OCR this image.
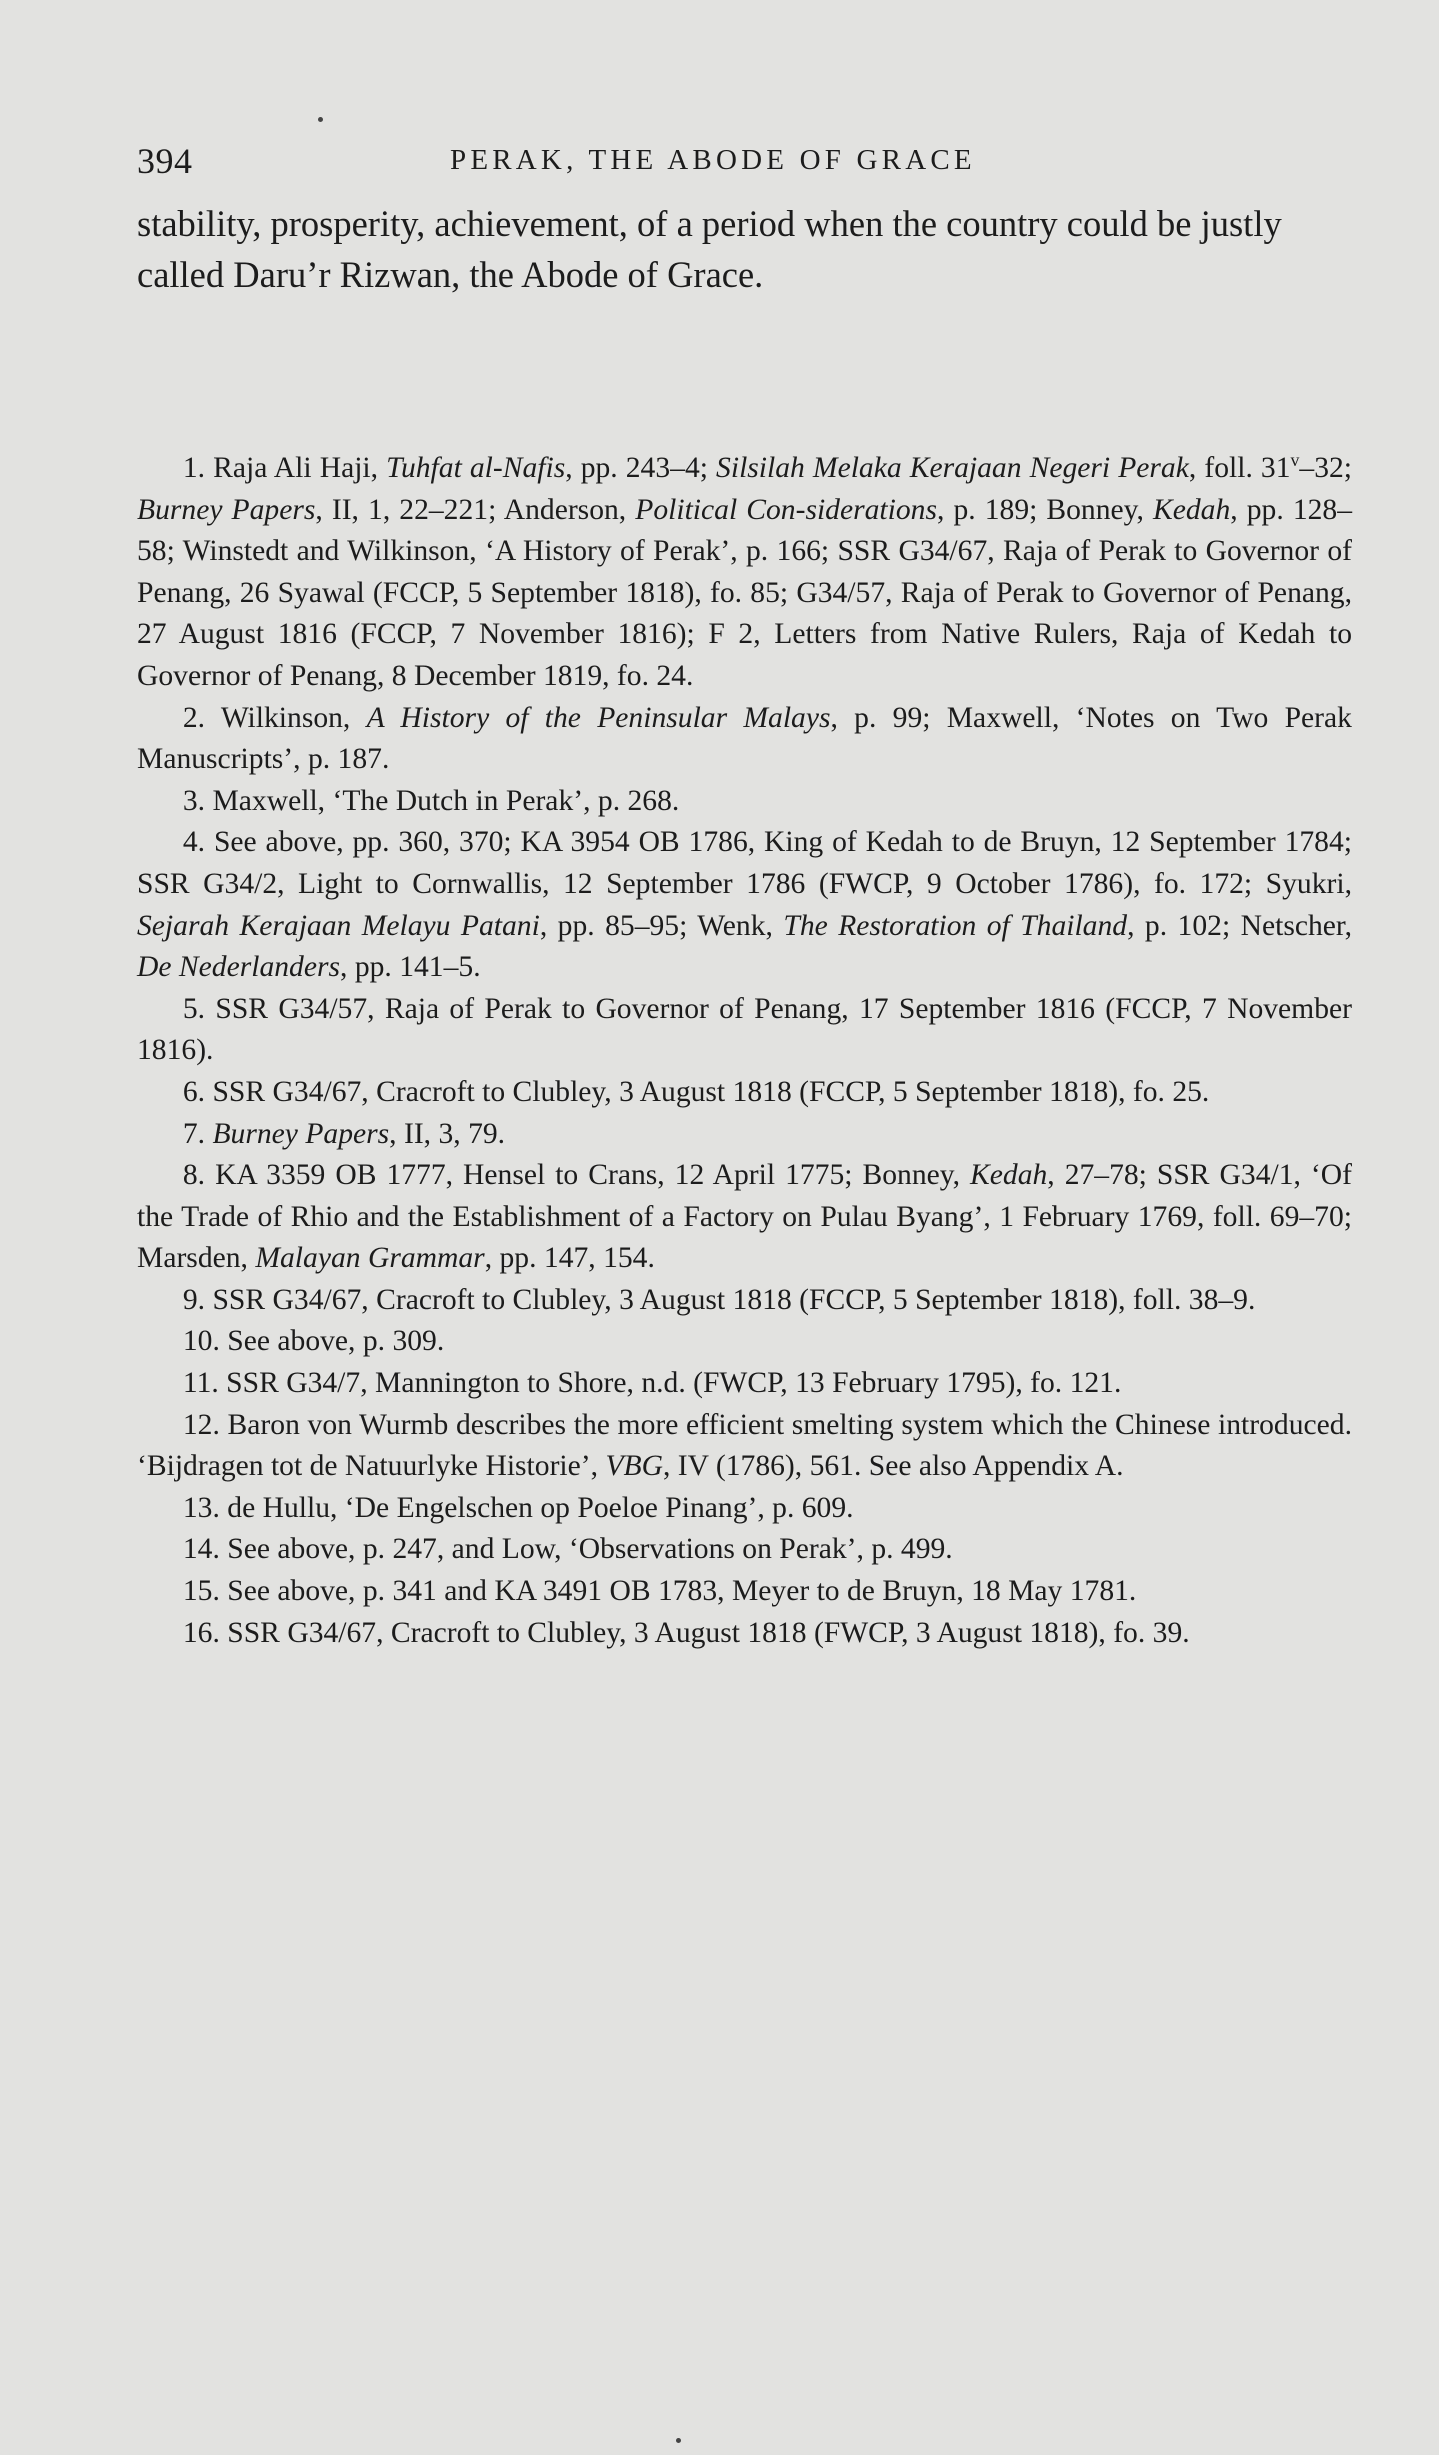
394	PERAK, THE ABODE OF GRACE

stability, prosperity, achievement, of a period when the country could be justly called Daru’r Rizwan, the Abode of Grace.

1. Raja Ali Haji, Tuhfat al-Nafis, pp. 243–4; Silsilah Melaka Kerajaan Negeri Perak, foll. 31$^v$–32; Burney Papers, II, 1, 22–221; Anderson, Political Con-siderations, p. 189; Bonney, Kedah, pp. 128–58; Winstedt and Wilkinson, ‘A History of Perak’, p. 166; SSR G34/67, Raja of Perak to Governor of Penang, 26 Syawal (FCCP, 5 September 1818), fo. 85; G34/57, Raja of Perak to Governor of Penang, 27 August 1816 (FCCP, 7 November 1816); F 2, Letters from Native Rulers, Raja of Kedah to Governor of Penang, 8 December 1819, fo. 24.
2. Wilkinson, A History of the Peninsular Malays, p. 99; Maxwell, ‘Notes on Two Perak Manuscripts’, p. 187.
3. Maxwell, ‘The Dutch in Perak’, p. 268.
4. See above, pp. 360, 370; KA 3954 OB 1786, King of Kedah to de Bruyn, 12 September 1784; SSR G34/2, Light to Cornwallis, 12 September 1786 (FWCP, 9 October 1786), fo. 172; Syukri, Sejarah Kerajaan Melayu Patani, pp. 85–95; Wenk, The Restoration of Thailand, p. 102; Netscher, De Nederlanders, pp. 141–5.
5. SSR G34/57, Raja of Perak to Governor of Penang, 17 September 1816 (FCCP, 7 November 1816).
6. SSR G34/67, Cracroft to Clubley, 3 August 1818 (FCCP, 5 September 1818), fo. 25.
7. Burney Papers, II, 3, 79.
8. KA 3359 OB 1777, Hensel to Crans, 12 April 1775; Bonney, Kedah, 27–78; SSR G34/1, ‘Of the Trade of Rhio and the Establishment of a Factory on Pulau Byang’, 1 February 1769, foll. 69–70; Marsden, Malayan Grammar, pp. 147, 154.
9. SSR G34/67, Cracroft to Clubley, 3 August 1818 (FCCP, 5 September 1818), foll. 38–9.
10. See above, p. 309.
11. SSR G34/7, Mannington to Shore, n.d. (FWCP, 13 February 1795), fo. 121.
12. Baron von Wurmb describes the more efficient smelting system which the Chinese introduced. ‘Bijdragen tot de Natuurlyke Historie’, VBG, IV (1786), 561. See also Appendix A.
13. de Hullu, ‘De Engelschen op Poeloe Pinang’, p. 609.
14. See above, p. 247, and Low, ‘Observations on Perak’, p. 499.
15. See above, p. 341 and KA 3491 OB 1783, Meyer to de Bruyn, 18 May 1781.
16. SSR G34/67, Cracroft to Clubley, 3 August 1818 (FWCP, 3 August 1818), fo. 39.
